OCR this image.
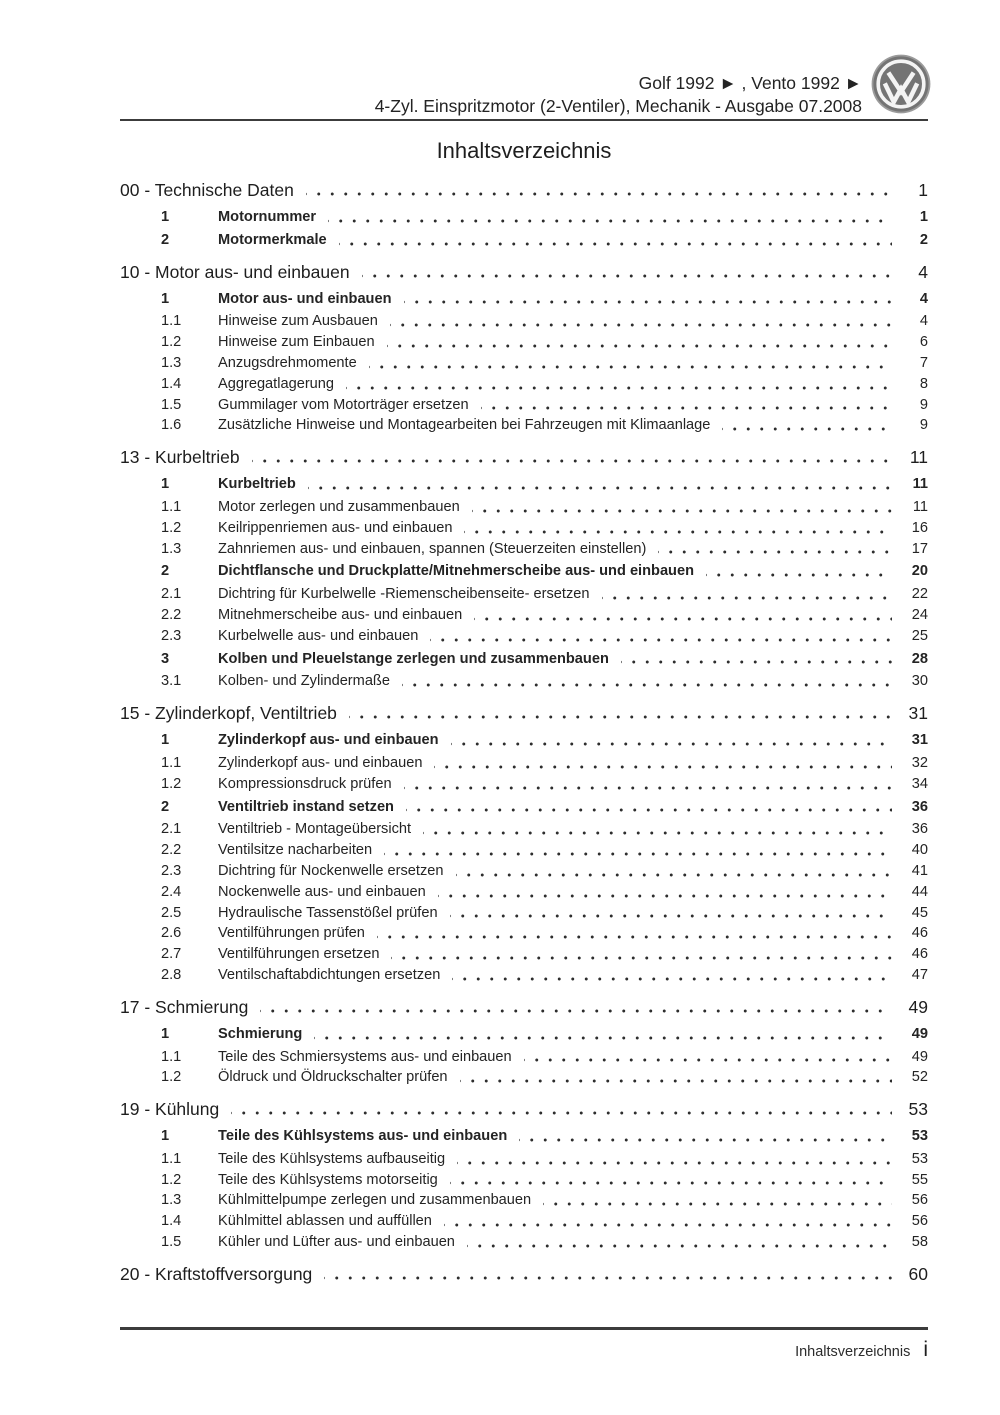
Golf 1992 ► , Vento 1992 ►
4-Zyl. Einspritzmotor (2-Ventiler), Mechanik - Ausgabe 07.2008
Inhaltsverzeichnis
00 - Technische Daten	1
1	Motornummer	1
2	Motormerkmale	2
10 - Motor aus- und einbauen	4
1	Motor aus- und einbauen	4
1.1	Hinweise zum Ausbauen	4
1.2	Hinweise zum Einbauen	6
1.3	Anzugsdrehmomente	7
1.4	Aggregatlagerung	8
1.5	Gummilager vom Motorträger ersetzen	9
1.6	Zusätzliche Hinweise und Montagearbeiten bei Fahrzeugen mit Klimaanlage	9
13 - Kurbeltrieb	11
1	Kurbeltrieb	11
1.1	Motor zerlegen und zusammenbauen	11
1.2	Keilrippenriemen aus- und einbauen	16
1.3	Zahnriemen aus- und einbauen, spannen (Steuerzeiten einstellen)	17
2	Dichtflansche und Druckplatte/Mitnehmerscheibe aus- und einbauen	20
2.1	Dichtring für Kurbelwelle -Riemenscheibenseite- ersetzen	22
2.2	Mitnehmerscheibe aus- und einbauen	24
2.3	Kurbelwelle aus- und einbauen	25
3	Kolben und Pleuelstange zerlegen und zusammenbauen	28
3.1	Kolben- und Zylindermaße	30
15 - Zylinderkopf, Ventiltrieb	31
1	Zylinderkopf aus- und einbauen	31
1.1	Zylinderkopf aus- und einbauen	32
1.2	Kompressionsdruck prüfen	34
2	Ventiltrieb instand setzen	36
2.1	Ventiltrieb - Montageübersicht	36
2.2	Ventilsitze nacharbeiten	40
2.3	Dichtring für Nockenwelle ersetzen	41
2.4	Nockenwelle aus- und einbauen	44
2.5	Hydraulische Tassenstößel prüfen	45
2.6	Ventilführungen prüfen	46
2.7	Ventilführungen ersetzen	46
2.8	Ventilschaftabdichtungen ersetzen	47
17 - Schmierung	49
1	Schmierung	49
1.1	Teile des Schmiersystems aus- und einbauen	49
1.2	Öldruck und Öldruckschalter prüfen	52
19 - Kühlung	53
1	Teile des Kühlsystems aus- und einbauen	53
1.1	Teile des Kühlsystems aufbauseitig	53
1.2	Teile des Kühlsystems motorseitig	55
1.3	Kühlmittelpumpe zerlegen und zusammenbauen	56
1.4	Kühlmittel ablassen und auffüllen	56
1.5	Kühler und Lüfter aus- und einbauen	58
20 - Kraftstoffversorgung	60
Inhaltsverzeichnis i
